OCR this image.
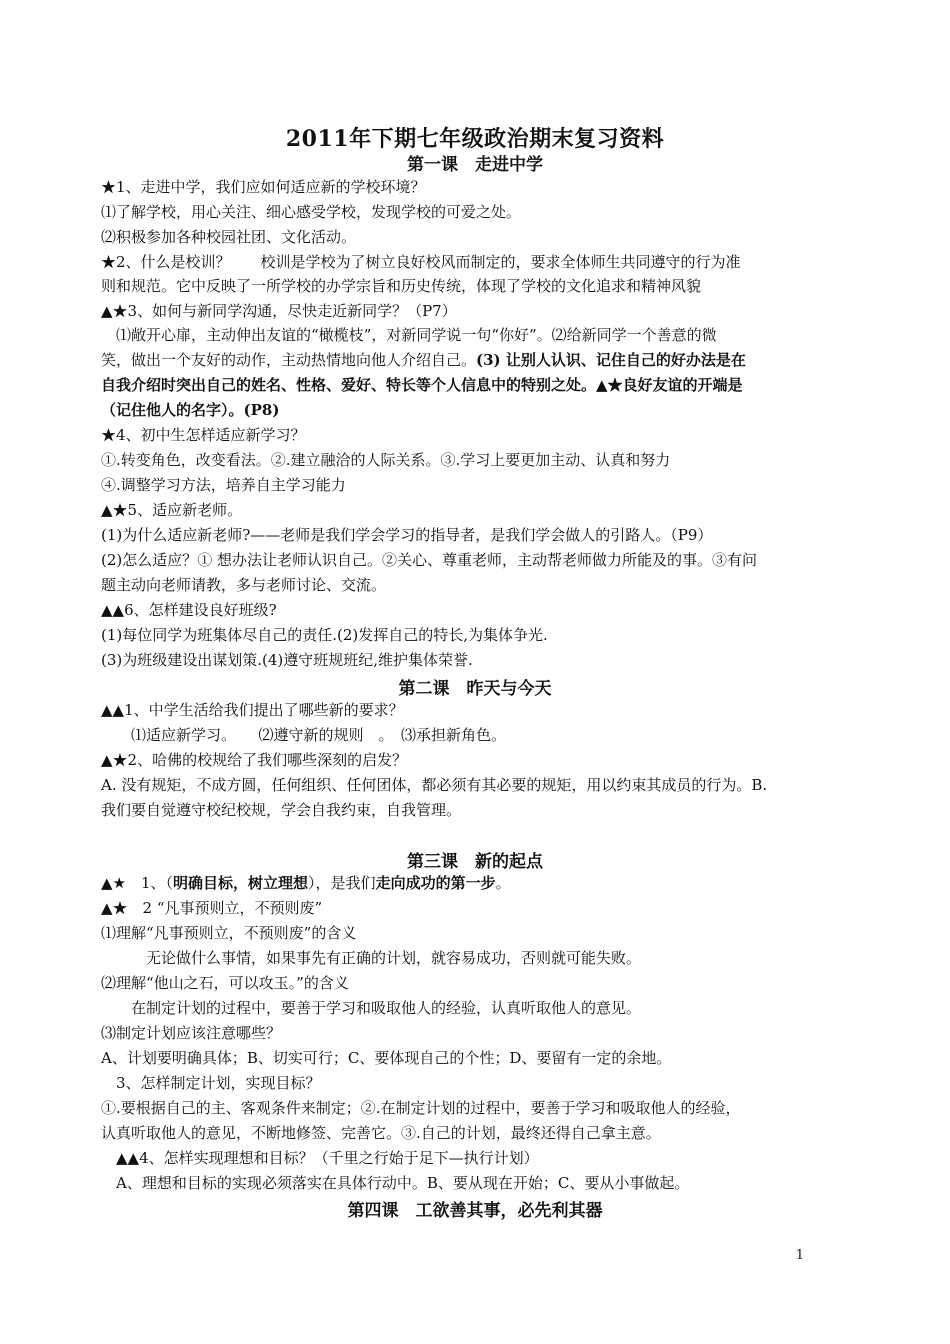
2011年下期七年级政治期末复习资料
第一课　走进中学
★1、走进中学，我们应如何适应新的学校环境？
⑴了解学校，用心关注、细心感受学校，发现学校的可爱之处。
⑵积极参加各种校园社团、文化活动。
★2、什么是校训？　　校训是学校为了树立良好校风而制定的，要求全体师生共同遵守的行为准
则和规范。它中反映了一所学校的办学宗旨和历史传统，体现了学校的文化追求和精神风貌
▲★3、如何与新同学沟通，尽快走近新同学？（P7）
　⑴敞开心扉，主动伸出友谊的“橄榄枝”，对新同学说一句“你好”。⑵给新同学一个善意的微
笑，做出一个友好的动作，主动热情地向他人介绍自己。(3) 让别人认识、记住自己的好办法是在
自我介绍时突出自己的姓名、性格、爱好、特长等个人信息中的特别之处。▲★良好友谊的开端是
（记住他人的名字）。(P8)
★4、初中生怎样适应新学习？
①.转变角色，改变看法。②.建立融洽的人际关系。③.学习上要更加主动、认真和努力
④.调整学习方法，培养自主学习能力
▲★5、适应新老师。
(1)为什么适应新老师?——老师是我们学会学习的指导者，是我们学会做人的引路人。（P9）
(2)怎么适应？① 想办法让老师认识自己。②关心、尊重老师，主动帮老师做力所能及的事。③有问
题主动向老师请教，多与老师讨论、交流。
▲▲6、怎样建设良好班级?
(1)每位同学为班集体尽自己的责任.(2)发挥自己的特长,为集体争光.
(3)为班级建设出谋划策.(4)遵守班规班纪,维护集体荣誉.
第二课　昨天与今天
▲▲1、中学生活给我们提出了哪些新的要求？
　　⑴适应新学习。　　⑵遵守新的规则　。　⑶承担新角色。
▲★2、哈佛的校规给了我们哪些深刻的启发？
A. 没有规矩，不成方圆，任何组织、任何团体，都必须有其必要的规矩，用以约束其成员的行为。B.
我们要自觉遵守校纪校规，学会自我约束，自我管理。
第三课　新的起点
▲★　1、（明确目标，树立理想），是我们走向成功的第一步。
▲★　2 “凡事预则立，不预则废”
⑴理解“凡事预则立，不预则废”的含义
　　　无论做什么事情，如果事先有正确的计划，就容易成功，否则就可能失败。
⑵理解“他山之石，可以攻玉。”的含义
　　在制定计划的过程中，要善于学习和吸取他人的经验，认真听取他人的意见。
⑶制定计划应该注意哪些？
A、计划要明确具体；B、切实可行；C、要体现自己的个性；D、要留有一定的余地。
　3、怎样制定计划，实现目标？
①.要根据自己的主、客观条件来制定；②.在制定计划的过程中，要善于学习和吸取他人的经验，
认真听取他人的意见，不断地修签、完善它。③.自己的计划，最终还得自己拿主意。
　▲▲4、怎样实现理想和目标？（千里之行始于足下—执行计划）
　A、理想和目标的实现必须落实在具体行动中。B、要从现在开始；C、要从小事做起。
第四课　工欲善其事，必先利其器
1
